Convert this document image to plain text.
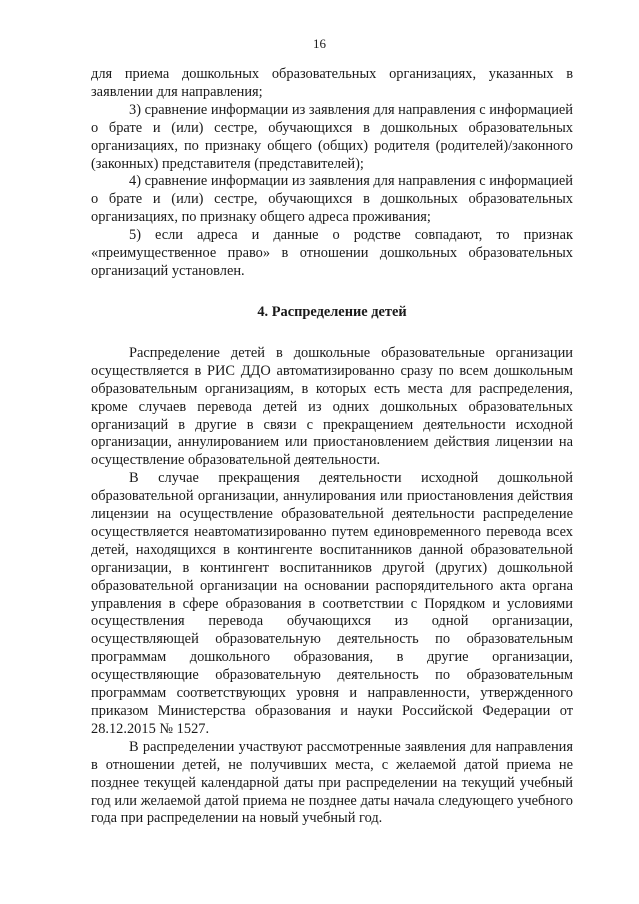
16

для приема дошкольных образовательных организациях, указанных в заявлении для направления;

3) сравнение информации из заявления для направления с информацией о брате и (или) сестре, обучающихся в дошкольных образовательных организациях, по признаку общего (общих) родителя (родителей)/законного (законных) представителя (представителей);

4) сравнение информации из заявления для направления с информацией о брате и (или) сестре, обучающихся в дошкольных образовательных организациях, по признаку общего адреса проживания;

5) если адреса и данные о родстве совпадают, то признак «преимущественное право» в отношении дошкольных образовательных организаций установлен.

4. Распределение детей

Распределение детей в дошкольные образовательные организации осуществляется в РИС ДДО автоматизированно сразу по всем дошкольным образовательным организациям, в которых есть места для распределения, кроме случаев перевода детей из одних дошкольных образовательных организаций в другие в связи с прекращением деятельности исходной организации, аннулированием или приостановлением действия лицензии на осуществление образовательной деятельности.

В случае прекращения деятельности исходной дошкольной образовательной организации, аннулирования или приостановления действия лицензии на осуществление образовательной деятельности распределение осуществляется неавтоматизированно путем единовременного перевода всех детей, находящихся в контингенте воспитанников данной образовательной организации, в контингент воспитанников другой (других) дошкольной образовательной организации на основании распорядительного акта органа управления в сфере образования в соответствии с Порядком и условиями осуществления перевода обучающихся из одной организации, осуществляющей образовательную деятельность по образовательным программам дошкольного образования, в другие организации, осуществляющие образовательную деятельность по образовательным программам соответствующих уровня и направленности, утвержденного приказом Министерства образования и науки Российской Федерации от 28.12.2015 № 1527.

В распределении участвуют рассмотренные заявления для направления в отношении детей, не получивших места, с желаемой датой приема не позднее текущей календарной даты при распределении на текущий учебный год или желаемой датой приема не позднее даты начала следующего учебного года при распределении на новый учебный год.
